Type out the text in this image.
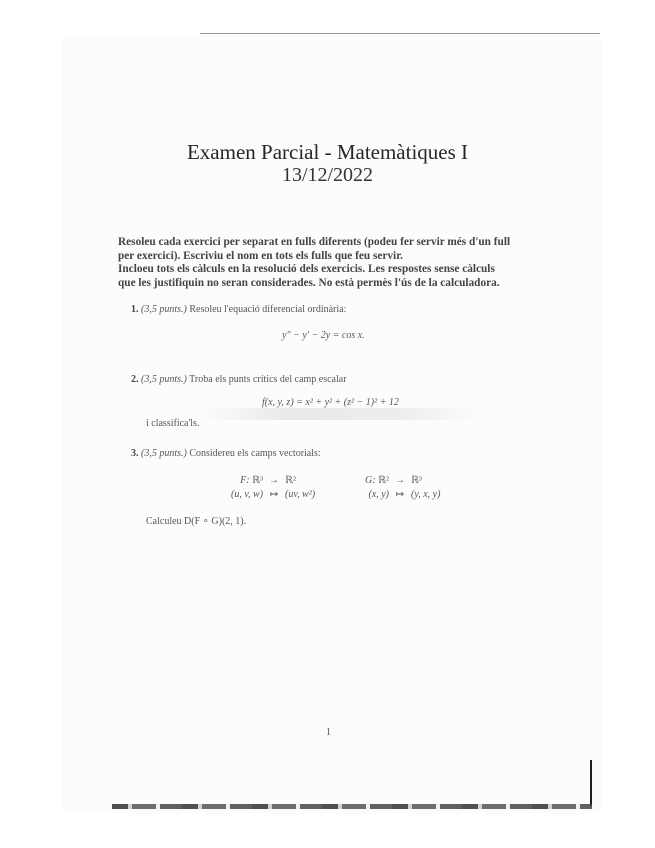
Examen Parcial - Matemàtiques I
13/12/2022

Resoleu cada exercici per separat en fulls diferents (podeu fer servir més d'un full

per exercici). Escriviu el nom en tots els fulls que feu servir.

Incloeu tots els càlculs en la resolució dels exercicis. Les respostes sense càlculs

que les justifiquin no seran considerades. No està permès l'ús de la calculadora.

1. (3,5 punts.) Resoleu l'equació diferencial ordinària:
y″ − y′ − 2y = cos x.
2. (3,5 punts.) Troba els punts crítics del camp escalar
f(x, y, z) = x² + y² + (z² − 1)² + 12
i classifica'ls.
3. (3,5 punts.) Considereu els camps vectorials:
F: ℝ³	→	ℝ²
(u, v, w)	↦	(uv, w²)
G: ℝ²	→	ℝ³
(x, y)	↦	(y, x, y)
Calculeu D(F ∘ G)(2, 1).
1
